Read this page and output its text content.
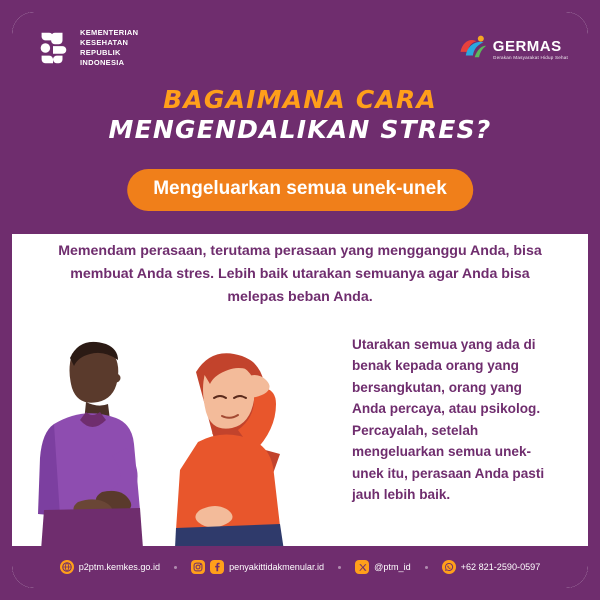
KEMENTERIAN
KESEHATAN
REPUBLIK
INDONESIA
GERMAS
Gerakan Masyarakat Hidup Sehat
BAGAIMANA CARA
MENGENDALIKAN STRES?
Mengeluarkan semua unek-unek
Memendam perasaan, terutama perasaan yang mengganggu Anda, bisa membuat Anda stres. Lebih baik utarakan semuanya agar Anda bisa melepas beban Anda.
Utarakan semua yang ada di benak kepada orang yang bersangkutan, orang yang Anda percaya, atau psikolog. Percayalah, setelah mengeluarkan semua unek-unek itu, perasaan Anda pasti jauh lebih baik.
p2ptm.kemkes.go.id	penyakittidakmenular.id	@ptm_id	+62 821-2590-0597
